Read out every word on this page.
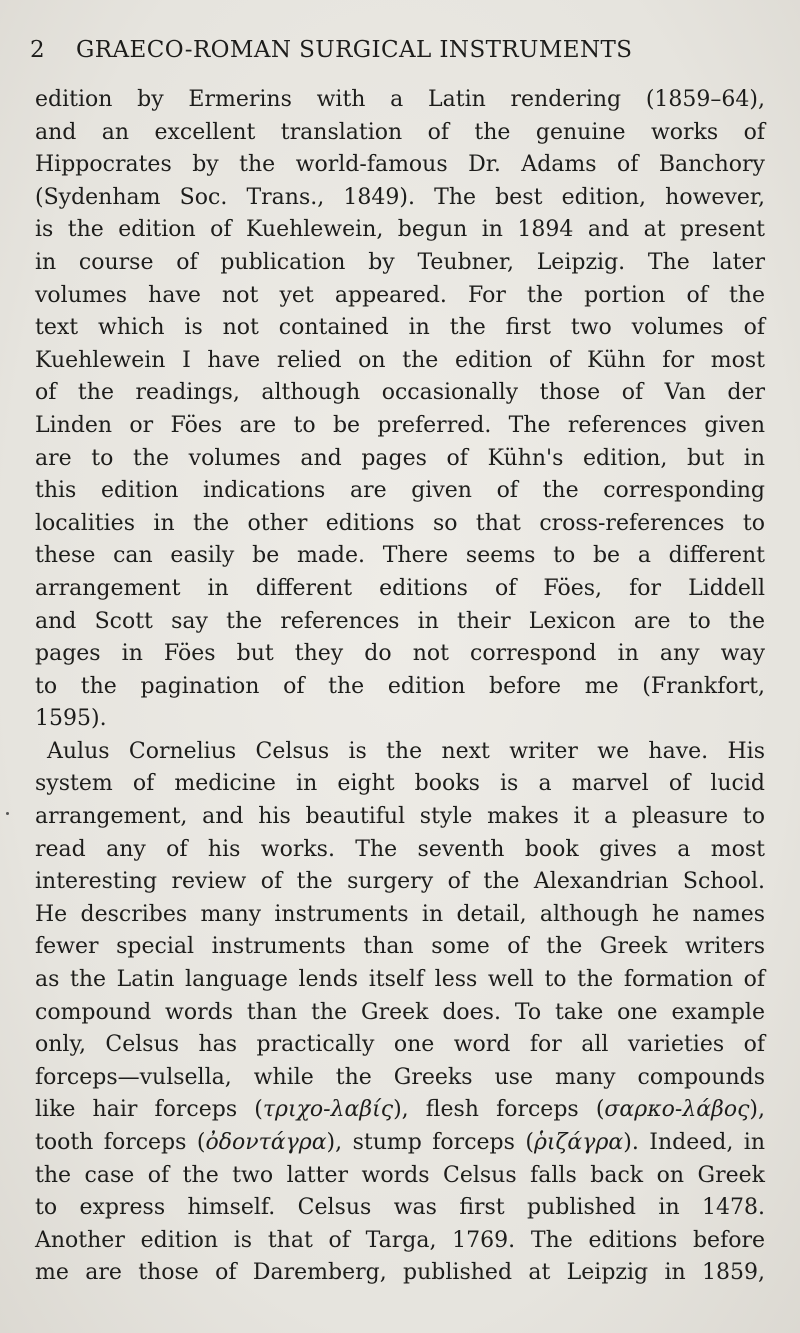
2 GRAECO-ROMAN SURGICAL INSTRUMENTS
edition by Ermerins with a Latin rendering (1859–64),
and an excellent translation of the genuine works of
Hippocrates by the world-famous Dr. Adams of Banchory
(Sydenham Soc. Trans., 1849). The best edition, however,
is the edition of Kuehlewein, begun in 1894 and at present
in course of publication by Teubner, Leipzig. The later
volumes have not yet appeared. For the portion of the
text which is not contained in the first two volumes of
Kuehlewein I have relied on the edition of Kühn for most
of the readings, although occasionally those of Van der
Linden or Föes are to be preferred. The references given
are to the volumes and pages of Kühn's edition, but in
this edition indications are given of the corresponding
localities in the other editions so that cross-references to
these can easily be made. There seems to be a different
arrangement in different editions of Föes, for Liddell
and Scott say the references in their Lexicon are to the
pages in Föes but they do not correspond in any way
to the pagination of the edition before me (Frankfort,
1595).
Aulus Cornelius Celsus is the next writer we have. His
system of medicine in eight books is a marvel of lucid
arrangement, and his beautiful style makes it a pleasure to
read any of his works. The seventh book gives a most
interesting review of the surgery of the Alexandrian School.
He describes many instruments in detail, although he names
fewer special instruments than some of the Greek writers
as the Latin language lends itself less well to the formation of
compound words than the Greek does. To take one example
only, Celsus has practically one word for all varieties of
forceps—vulsella, while the Greeks use many compounds
like hair forceps (τριχο-λαβίς), flesh forceps (σαρκο-λάβος),
tooth forceps (ὀδοντάγρα), stump forceps (ῥιζάγρα). Indeed, in
the case of the two latter words Celsus falls back on Greek
to express himself. Celsus was first published in 1478.
Another edition is that of Targa, 1769. The editions before
me are those of Daremberg, published at Leipzig in 1859,
